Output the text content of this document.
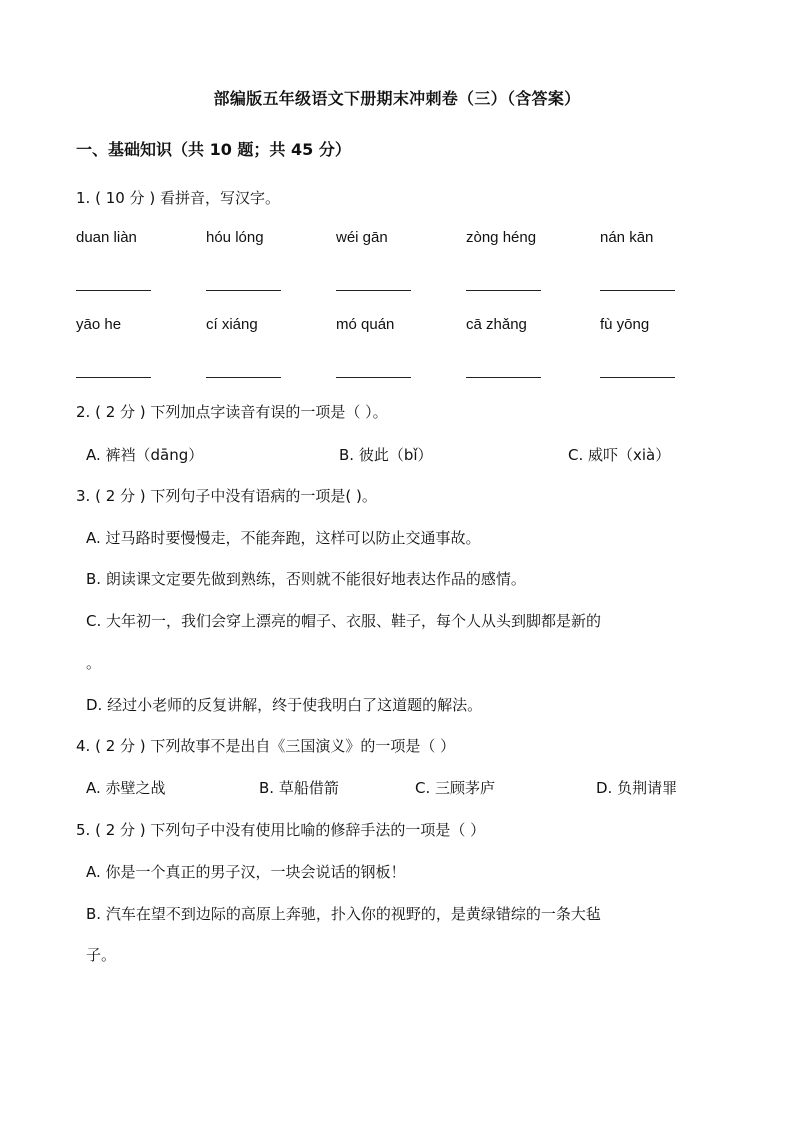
部编版五年级语文下册期末冲刺卷（三）（含答案）
一、基础知识（共 10 题；共 45 分）
1. ( 10 分 ) 看拼音，写汉字。
duan liàn	hóu lóng	wéi gān	zòng héng	nán kān
yāo he	cí xiáng	mó quán	cā zhǎng	fù yōng
2. ( 2 分 ) 下列加点字读音有误的一项是（ ）。
A. 裤裆（dāng）	B. 彼此（bǐ）	C. 威吓（xià）
3. ( 2 分 ) 下列句子中没有语病的一项是( )。
A. 过马路时要慢慢走，不能奔跑，这样可以防止交通事故。
B. 朗读课文定要先做到熟练，否则就不能很好地表达作品的感情。
C. 大年初一，我们会穿上漂亮的帽子、衣服、鞋子，每个人从头到脚都是新的
。
D. 经过小老师的反复讲解，终于使我明白了这道题的解法。
4. ( 2 分 ) 下列故事不是出自《三国演义》的一项是（ ）
A. 赤壁之战	B. 草船借箭	C. 三顾茅庐	D. 负荆请罪
5. ( 2 分 ) 下列句子中没有使用比喻的修辞手法的一项是（ ）
A. 你是一个真正的男子汉，一块会说话的钢板！
B. 汽车在望不到边际的高原上奔驰，扑入你的视野的，是黄绿错综的一条大毡
子。
